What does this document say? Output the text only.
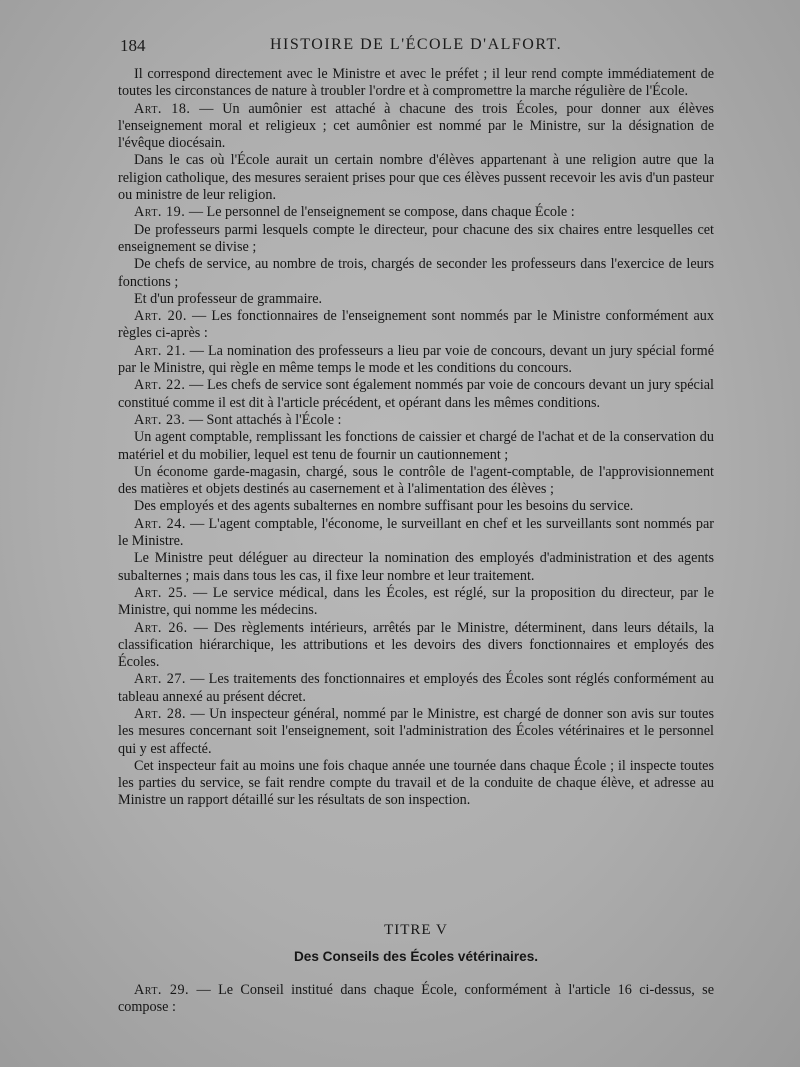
184	HISTOIRE DE L'ÉCOLE D'ALFORT.

Il correspond directement avec le Ministre et avec le préfet ; il leur rend compte immédiatement de toutes les circonstances de nature à troubler l'ordre et à compromettre la marche régulière de l'École.

Art. 18. — Un aumônier est attaché à chacune des trois Écoles, pour donner aux élèves l'enseignement moral et religieux ; cet aumônier est nommé par le Ministre, sur la désignation de l'évêque diocésain.

Dans le cas où l'École aurait un certain nombre d'élèves appartenant à une religion autre que la religion catholique, des mesures seraient prises pour que ces élèves pussent recevoir les avis d'un pasteur ou ministre de leur religion.

Art. 19. — Le personnel de l'enseignement se compose, dans chaque École :

De professeurs parmi lesquels compte le directeur, pour chacune des six chaires entre lesquelles cet enseignement se divise ;

De chefs de service, au nombre de trois, chargés de seconder les professeurs dans l'exercice de leurs fonctions ;

Et d'un professeur de grammaire.

Art. 20. — Les fonctionnaires de l'enseignement sont nommés par le Ministre conformément aux règles ci-après :

Art. 21. — La nomination des professeurs a lieu par voie de concours, devant un jury spécial formé par le Ministre, qui règle en même temps le mode et les conditions du concours.

Art. 22. — Les chefs de service sont également nommés par voie de concours devant un jury spécial constitué comme il est dit à l'article précédent, et opérant dans les mêmes conditions.

Art. 23. — Sont attachés à l'École :

Un agent comptable, remplissant les fonctions de caissier et chargé de l'achat et de la conservation du matériel et du mobilier, lequel est tenu de fournir un cautionnement ;

Un économe garde-magasin, chargé, sous le contrôle de l'agent-comptable, de l'approvisionnement des matières et objets destinés au casernement et à l'alimentation des élèves ;

Des employés et des agents subalternes en nombre suffisant pour les besoins du service.

Art. 24. — L'agent comptable, l'économe, le surveillant en chef et les surveillants sont nommés par le Ministre.

Le Ministre peut déléguer au directeur la nomination des employés d'administration et des agents subalternes ; mais dans tous les cas, il fixe leur nombre et leur traitement.

Art. 25. — Le service médical, dans les Écoles, est réglé, sur la proposition du directeur, par le Ministre, qui nomme les médecins.

Art. 26. — Des règlements intérieurs, arrêtés par le Ministre, déterminent, dans leurs détails, la classification hiérarchique, les attributions et les devoirs des divers fonctionnaires et employés des Écoles.

Art. 27. — Les traitements des fonctionnaires et employés des Écoles sont réglés conformément au tableau annexé au présent décret.

Art. 28. — Un inspecteur général, nommé par le Ministre, est chargé de donner son avis sur toutes les mesures concernant soit l'enseignement, soit l'administration des Écoles vétérinaires et le personnel qui y est affecté.

Cet inspecteur fait au moins une fois chaque année une tournée dans chaque École ; il inspecte toutes les parties du service, se fait rendre compte du travail et de la conduite de chaque élève, et adresse au Ministre un rapport détaillé sur les résultats de son inspection.

TITRE V
Des Conseils des Écoles vétérinaires.

Art. 29. — Le Conseil institué dans chaque École, conformément à l'article 16 ci-dessus, se compose :
